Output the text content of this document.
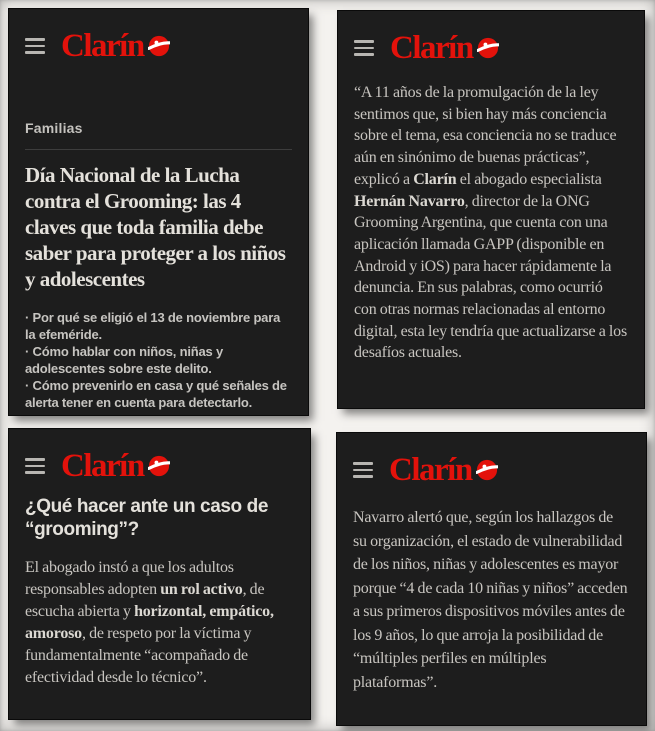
Clarín
Familias
Día Nacional de la Lucha contra el Grooming: las 4 claves que toda familia debe saber para proteger a los niños y adolescentes
· Por qué se eligió el 13 de noviembre para la efeméride.
· Cómo hablar con niños, niñas y adolescentes sobre este delito.
· Cómo prevenirlo en casa y qué señales de alerta tener en cuenta para detectarlo.
Clarín

“A 11 años de la promulgación de la ley sentimos que, si bien hay más conciencia sobre el tema, esa conciencia no se traduce aún en sinónimo de buenas prácticas”, explicó a Clarín el abogado especialista Hernán Navarro, director de la ONG Grooming Argentina, que cuenta con una aplicación llamada GAPP (disponible en Android y iOS) para hacer rápidamente la denuncia. En sus palabras, como ocurrió con otras normas relacionadas al entorno digital, esta ley tendría que actualizarse a los desafíos actuales.

Clarín
¿Qué hacer ante un caso de “grooming”?

El abogado instó a que los adultos responsables adopten un rol activo, de escucha abierta y horizontal, empático, amoroso, de respeto por la víctima y fundamentalmente “acompañado de efectividad desde lo técnico”.

Clarín

Navarro alertó que, según los hallazgos de su organización, el estado de vulnerabilidad de los niños, niñas y adolescentes es mayor porque “4 de cada 10 niñas y niños” acceden a sus primeros dispositivos móviles antes de los 9 años, lo que arroja la posibilidad de “múltiples perfiles en múltiples plataformas”.
